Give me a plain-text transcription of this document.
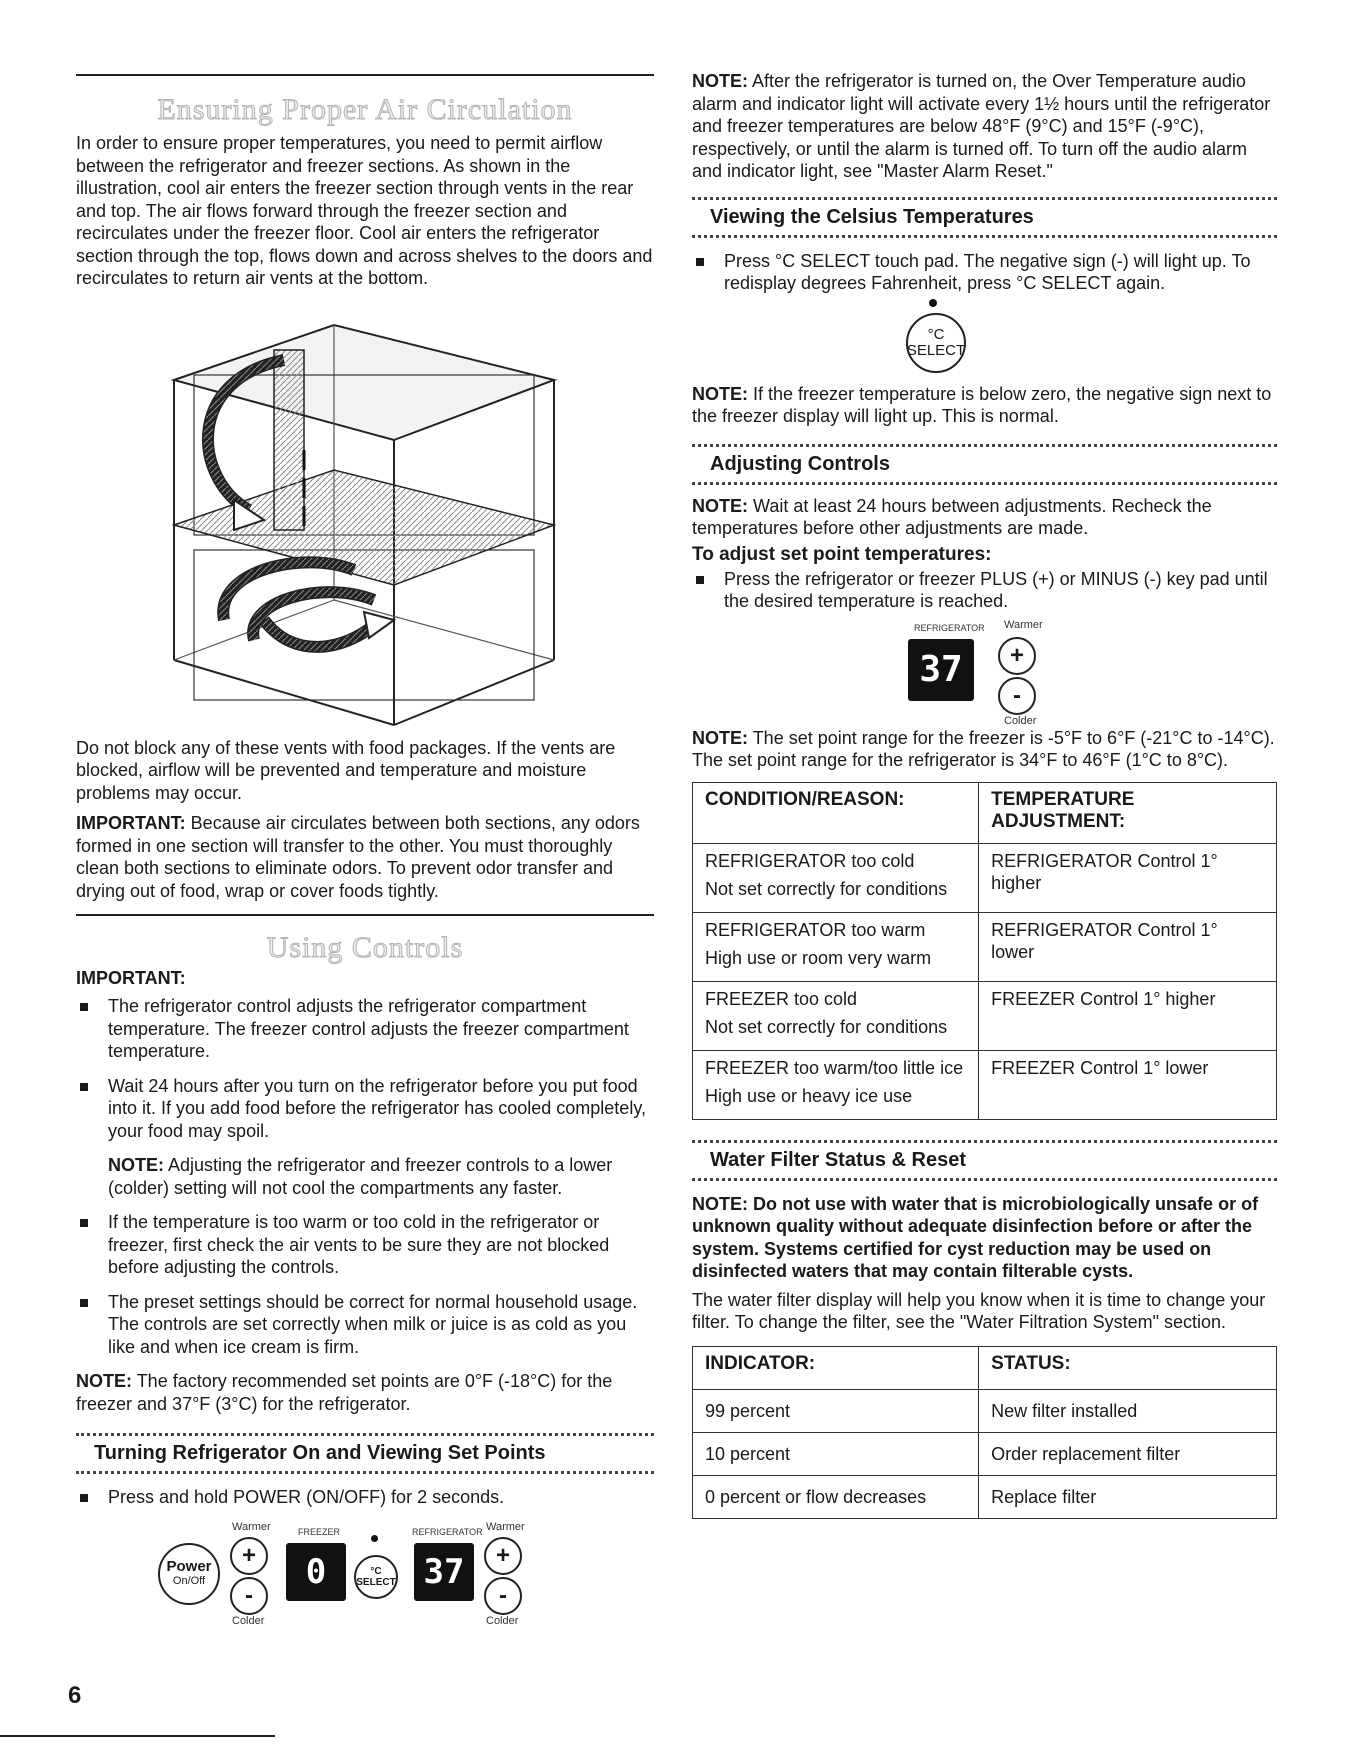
Ensuring Proper Air Circulation

In order to ensure proper temperatures, you need to permit airflow between the refrigerator and freezer sections. As shown in the illustration, cool air enters the freezer section through vents in the rear and top. The air flows forward through the freezer section and recirculates under the freezer floor. Cool air enters the refrigerator section through the top, flows down and across shelves to the doors and recirculates to return air vents at the bottom.

Do not block any of these vents with food packages. If the vents are blocked, airflow will be prevented and temperature and moisture problems may occur.

IMPORTANT: Because air circulates between both sections, any odors formed in one section will transfer to the other. You must thoroughly clean both sections to eliminate odors. To prevent odor transfer and drying out of food, wrap or cover foods tightly.

Using Controls
IMPORTANT:
The refrigerator control adjusts the refrigerator compartment temperature. The freezer control adjusts the freezer compartment temperature.
Wait 24 hours after you turn on the refrigerator before you put food into it. If you add food before the refrigerator has cooled completely, your food may spoil.

NOTE: Adjusting the refrigerator and freezer controls to a lower (colder) setting will not cool the compartments any faster.

If the temperature is too warm or too cold in the refrigerator or freezer, first check the air vents to be sure they are not blocked before adjusting the controls.
The preset settings should be correct for normal household usage. The controls are set correctly when milk or juice is as cold as you like and when ice cream is firm.

NOTE: The factory recommended set points are 0°F (-18°C) for the freezer and 37°F (3°C) for the refrigerator.

Turning Refrigerator On and Viewing Set Points
Press and hold POWER (ON/OFF) for 2 seconds.
Power
On/Off
Warmer
+
-
Colder
FREEZER
0	°C
SELECT
REFRIGERATOR
37
Warmer
+
-
Colder

NOTE: After the refrigerator is turned on, the Over Temperature audio alarm and indicator light will activate every 1½ hours until the refrigerator and freezer temperatures are below 48°F (9°C) and 15°F (-9°C), respectively, or until the alarm is turned off. To turn off the audio alarm and indicator light, see "Master Alarm Reset."

Viewing the Celsius Temperatures
Press °C SELECT touch pad. The negative sign (-) will light up. To redisplay degrees Fahrenheit, press °C SELECT again.
°C
SELECT

NOTE: If the freezer temperature is below zero, the negative sign next to the freezer display will light up. This is normal.

Adjusting Controls

NOTE: Wait at least 24 hours between adjustments. Recheck the temperatures before other adjustments are made.

To adjust set point temperatures:
Press the refrigerator or freezer PLUS (+) or MINUS (-) key pad until the desired temperature is reached.
REFRIGERATOR Warmer
37	+
-
Colder

NOTE: The set point range for the freezer is -5°F to 6°F (-21°C to -14°C). The set point range for the refrigerator is 34°F to 46°F (1°C to 8°C).

CONDITION/REASON:	TEMPERATURE ADJUSTMENT:

REFRIGERATOR too cold
Not set correctly for conditions	REFRIGERATOR Control 1° higher

REFRIGERATOR too warm
High use or room very warm	REFRIGERATOR Control 1° lower

FREEZER too cold
Not set correctly for conditions	FREEZER Control 1° higher

FREEZER too warm/too little ice
High use or heavy ice use	FREEZER Control 1° lower
Water Filter Status & Reset

NOTE: Do not use with water that is microbiologically unsafe or of unknown quality without adequate disinfection before or after the system. Systems certified for cyst reduction may be used on disinfected waters that may contain filterable cysts.

The water filter display will help you know when it is time to change your filter. To change the filter, see the "Water Filtration System" section.

INDICATOR:	STATUS:
99 percent	New filter installed
10 percent	Order replacement filter
0 percent or flow decreases	Replace filter
6
